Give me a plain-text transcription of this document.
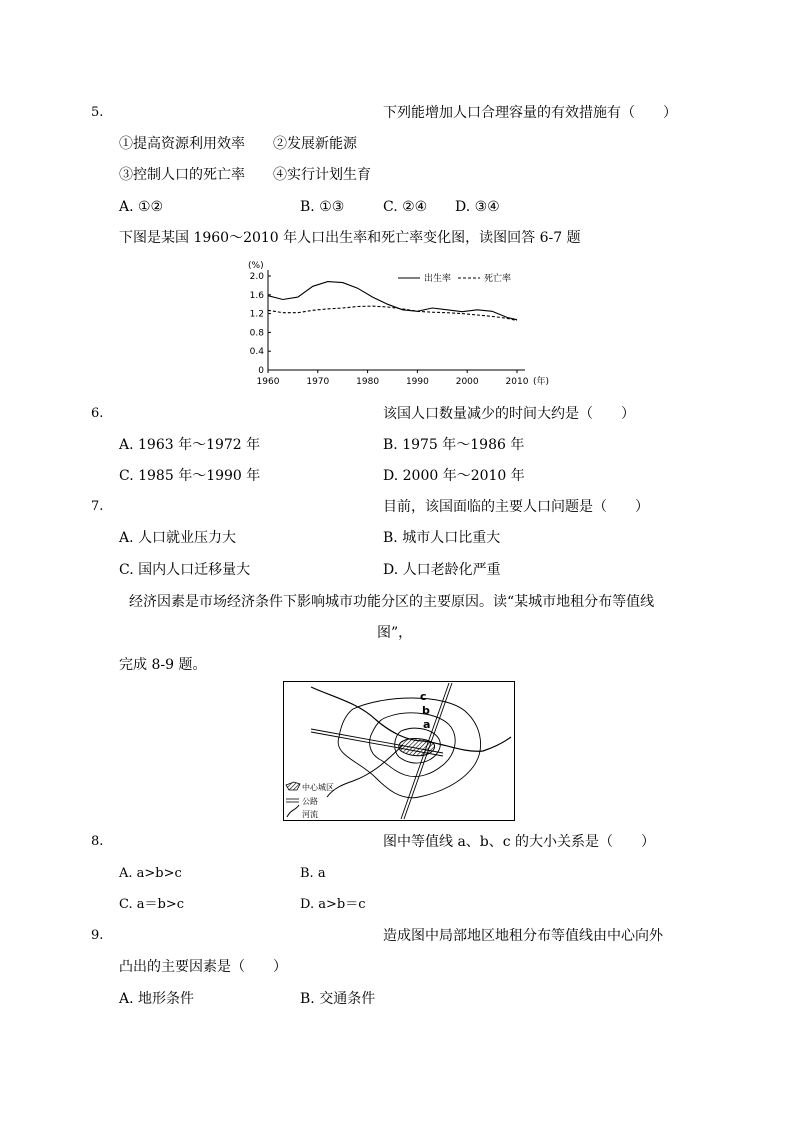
5.	下列能增加人口合理容量的有效措施有（　　）
①提高资源利用效率 ②发展新能源
③控制人口的死亡率 ④实行计划生育
A. ①②	B. ①③	C. ②④ D. ③④
下图是某国 1960～2010 年人口出生率和死亡率变化图，读图回答 6-7 题
0
0.4
0.8
1.2
1.6
2.0
1960	1970	1980	1990	2000	2010
(%)
(年)
出生率	死亡率
6.	该国人口数量减少的时间大约是（　　）
A. 1963 年～1972 年	B. 1975 年～1986 年
C. 1985 年～1990 年	D. 2000 年～2010 年
7.	目前，该国面临的主要人口问题是（　　）
A. 人口就业压力大	B. 城市人口比重大
C. 国内人口迁移量大	D. 人口老龄化严重
经济因素是市场经济条件下影响城市功能分区的主要原因。读“某城市地租分布等值线
图”，
完成 8-9 题。
c
b
a
中心城区
公路
河流
8.	图中等值线 a、b、c 的大小关系是（　　）
A. a>b>c	B. a
C. a＝b>c	D. a>b＝c
9.	造成图中局部地区地租分布等值线由中心向外
凸出的主要因素是（　　）
A. 地形条件	B. 交通条件
